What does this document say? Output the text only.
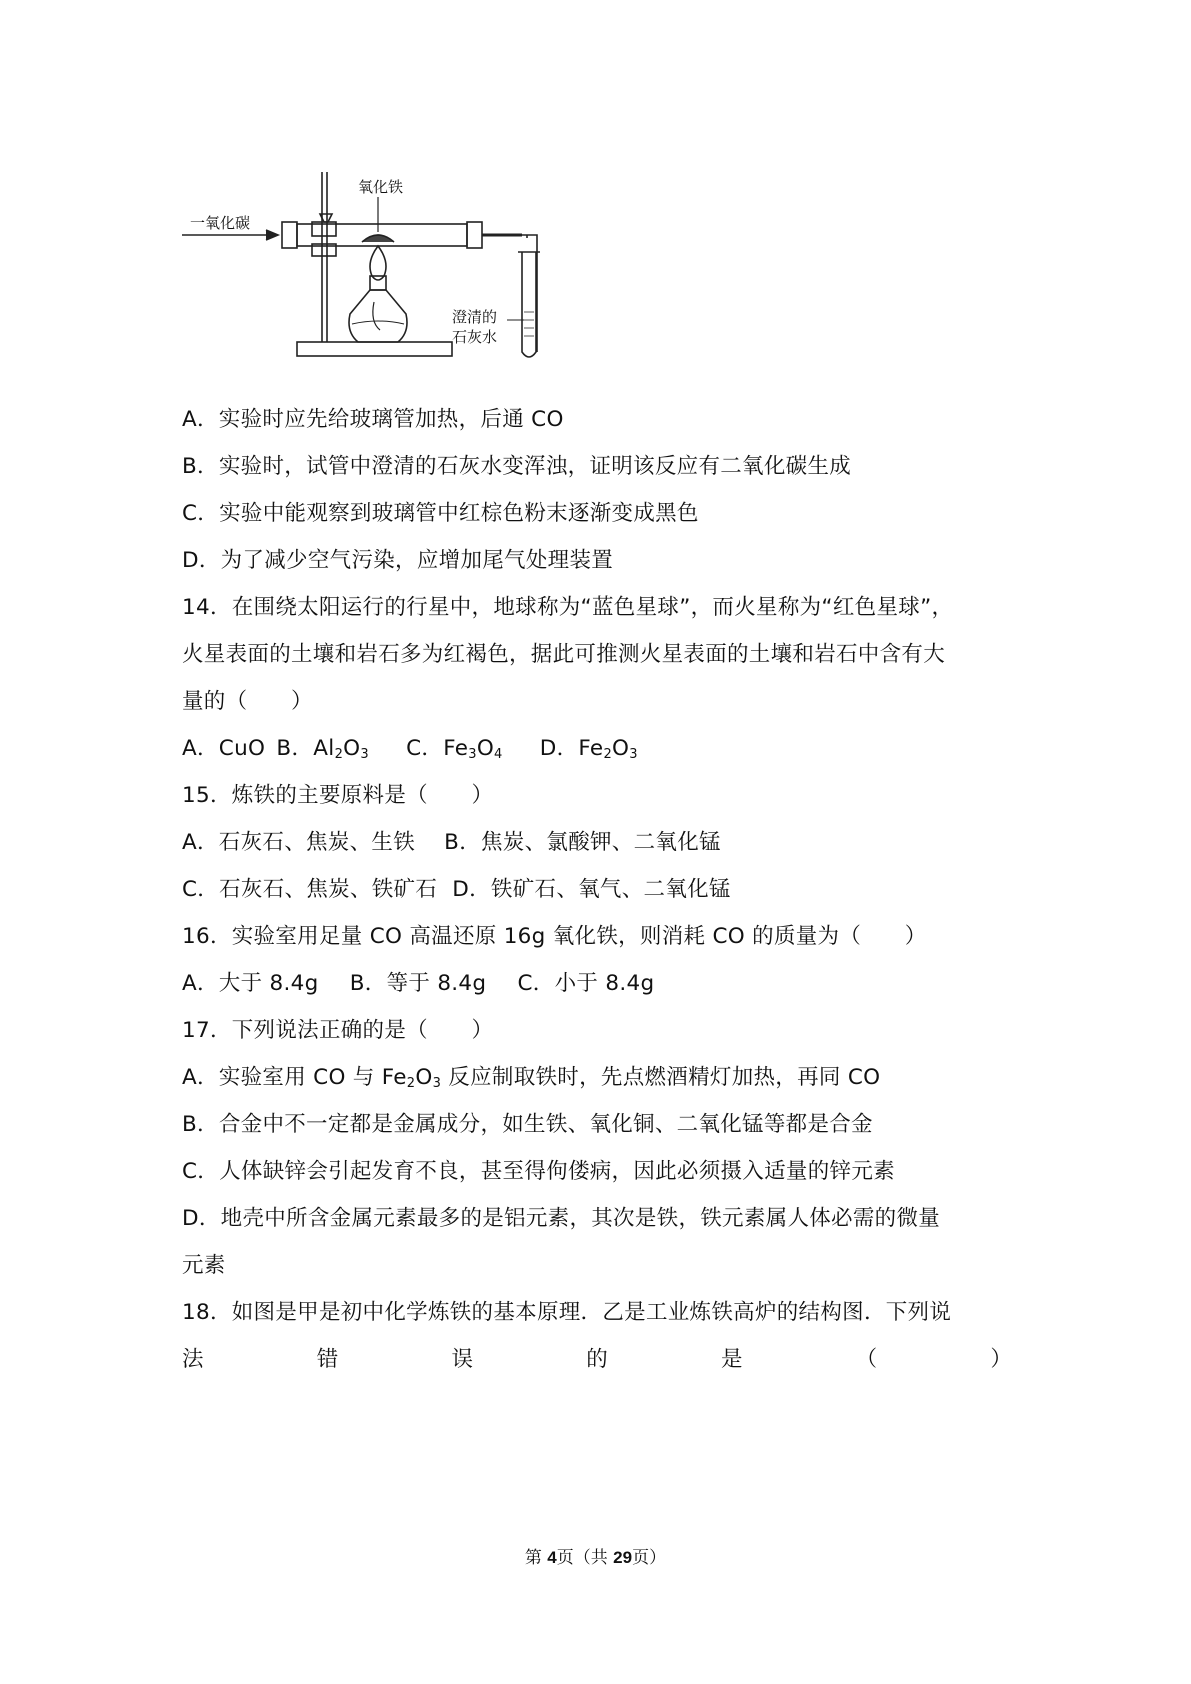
一氧化碳
氧化铁
澄清的
石灰水
A．实验时应先给玻璃管加热，后通 CO
B．实验时，试管中澄清的石灰水变浑浊，证明该反应有二氧化碳生成
C．实验中能观察到玻璃管中红棕色粉末逐渐变成黑色
D．为了减少空气污染，应增加尾气处理装置
14．在围绕太阳运行的行星中，地球称为“蓝色星球”，而火星称为“红色星球”，
火星表面的土壤和岩石多为红褐色，据此可推测火星表面的土壤和岩石中含有大
量的（　　）
A．CuO B．$Al_2O_3$ C．$Fe_3O_4$ D．$Fe_2O_3$
15．炼铁的主要原料是（　　）
A．石灰石、焦炭、生铁 B．焦炭、氯酸钾、二氧化锰
C．石灰石、焦炭、铁矿石 D．铁矿石、氧气、二氧化锰
16．实验室用足量 CO 高温还原 16g 氧化铁，则消耗 CO 的质量为（　　）
A．大于 8.4g B．等于 8.4g C．小于 8.4g
17．下列说法正确的是（　　）
A．实验室用 CO 与 $Fe_2O_3$ 反应制取铁时，先点燃酒精灯加热，再同 CO
B．合金中不一定都是金属成分，如生铁、氧化铜、二氧化锰等都是合金
C．人体缺锌会引起发育不良，甚至得佝偻病，因此必须摄入适量的锌元素
D．地壳中所含金属元素最多的是铝元素，其次是铁，铁元素属人体必需的微量
元素
18．如图是甲是初中化学炼铁的基本原理．乙是工业炼铁高炉的结构图．下列说
法	错	误	的	是	（	）
第 4页（共 29页）
